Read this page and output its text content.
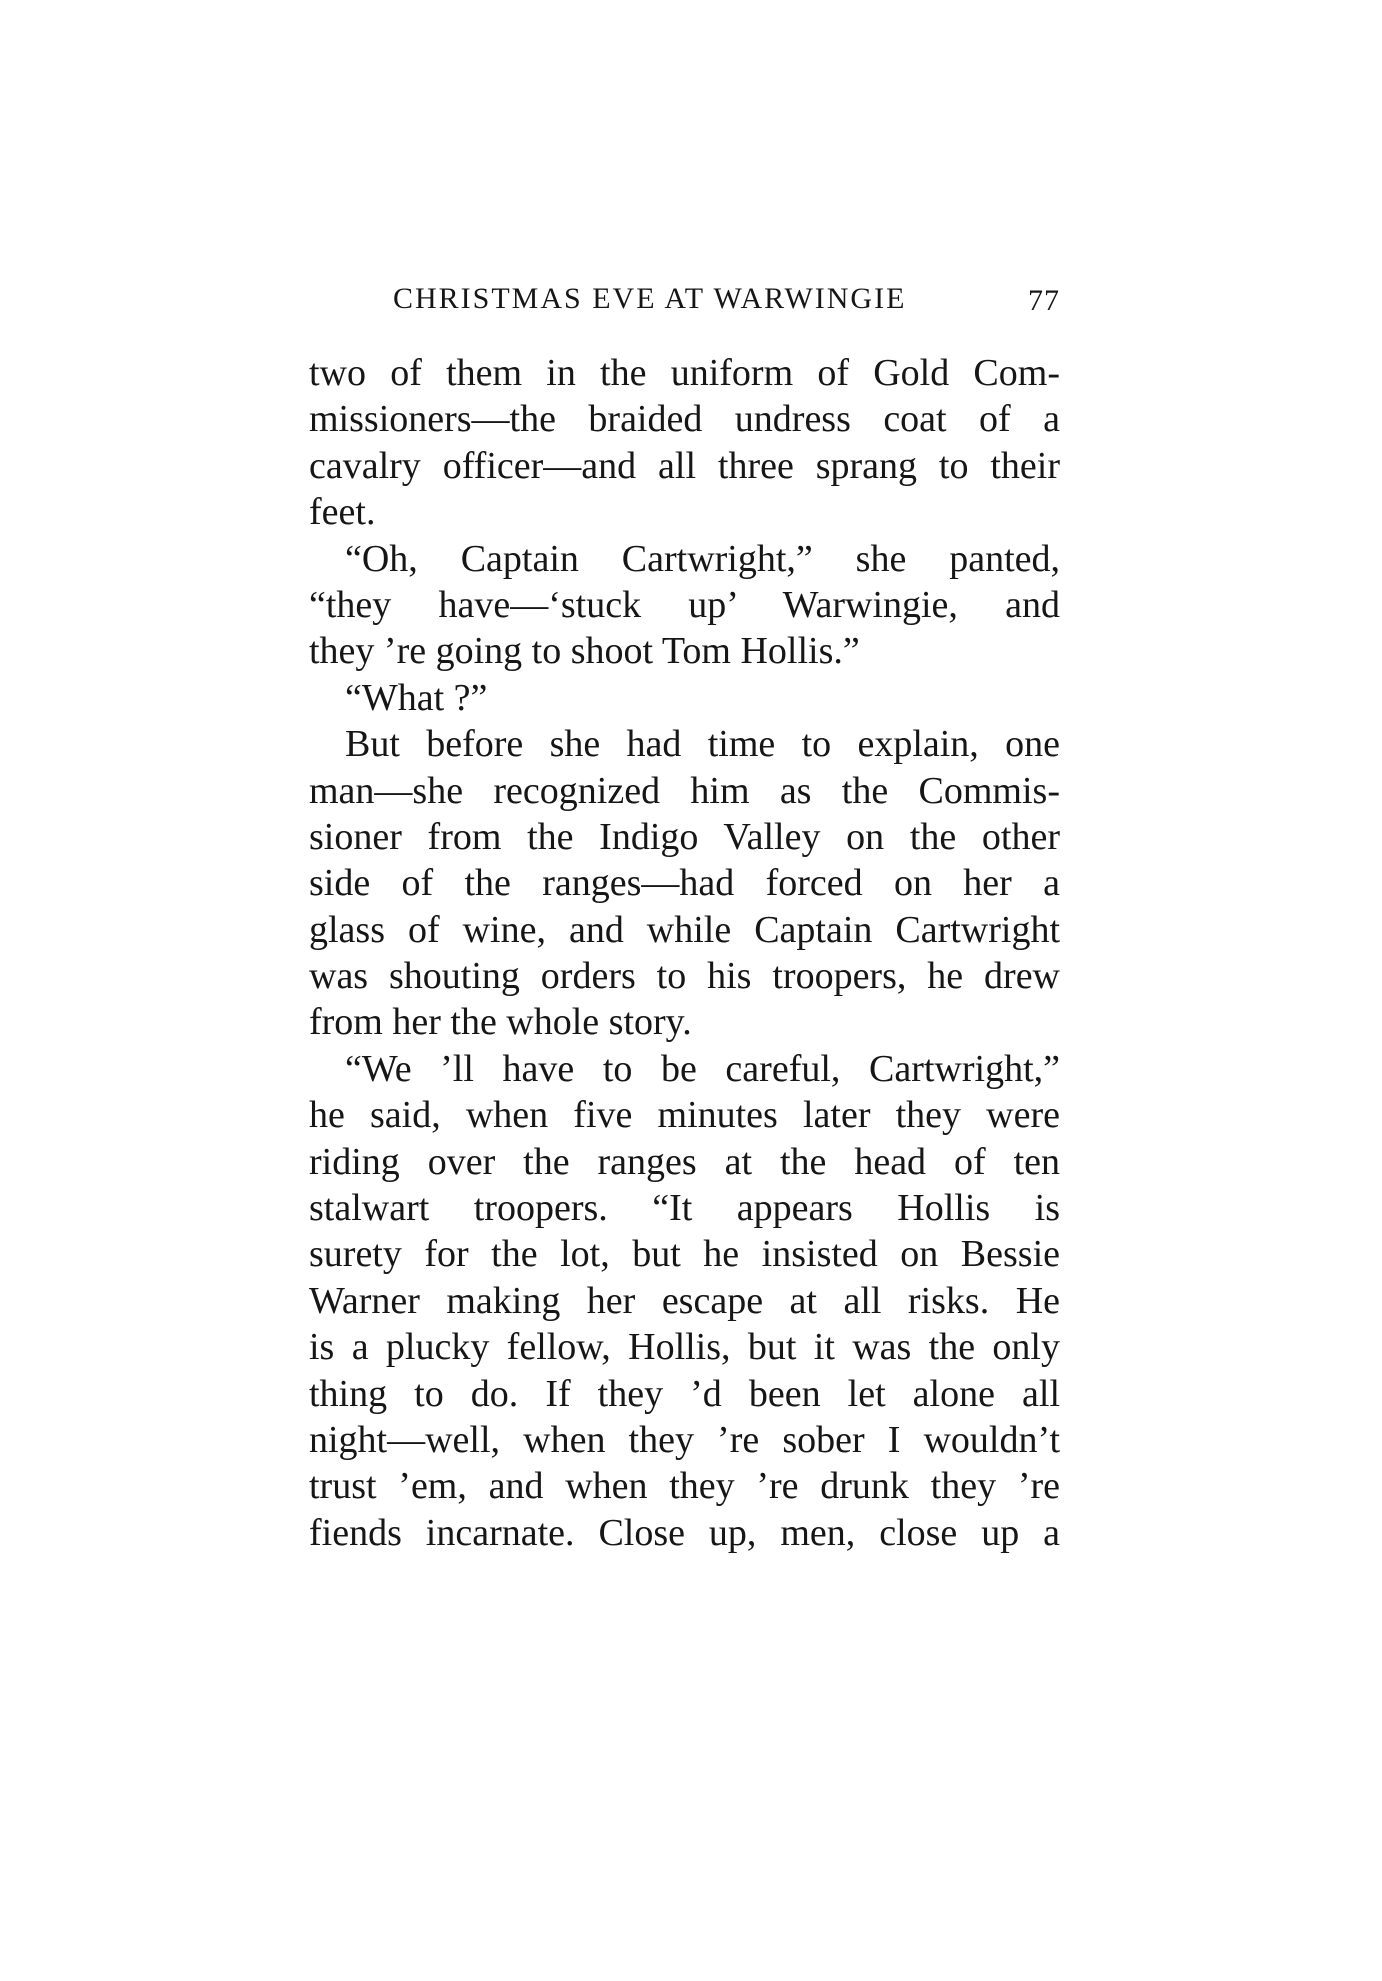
CHRISTMAS EVE AT WARWINGIE	77
two of them in the uniform of Gold Com-
missioners—the braided undress coat of a
cavalry officer—and all three sprang to their
feet.
“Oh, Captain Cartwright,” she panted,
“they have—‘stuck up’ Warwingie, and
they ’re going to shoot Tom Hollis.”
“What ?”
But before she had time to explain, one
man—she recognized him as the Commis-
sioner from the Indigo Valley on the other
side of the ranges—had forced on her a
glass of wine, and while Captain Cartwright
was shouting orders to his troopers, he drew
from her the whole story.
“We ’ll have to be careful, Cartwright,”
he said, when five minutes later they were
riding over the ranges at the head of ten
stalwart troopers. “It appears Hollis is
surety for the lot, but he insisted on Bessie
Warner making her escape at all risks. He
is a plucky fellow, Hollis, but it was the only
thing to do. If they ’d been let alone all
night—well, when they ’re sober I wouldn’t
trust ’em, and when they ’re drunk they ’re
fiends incarnate. Close up, men, close up a
